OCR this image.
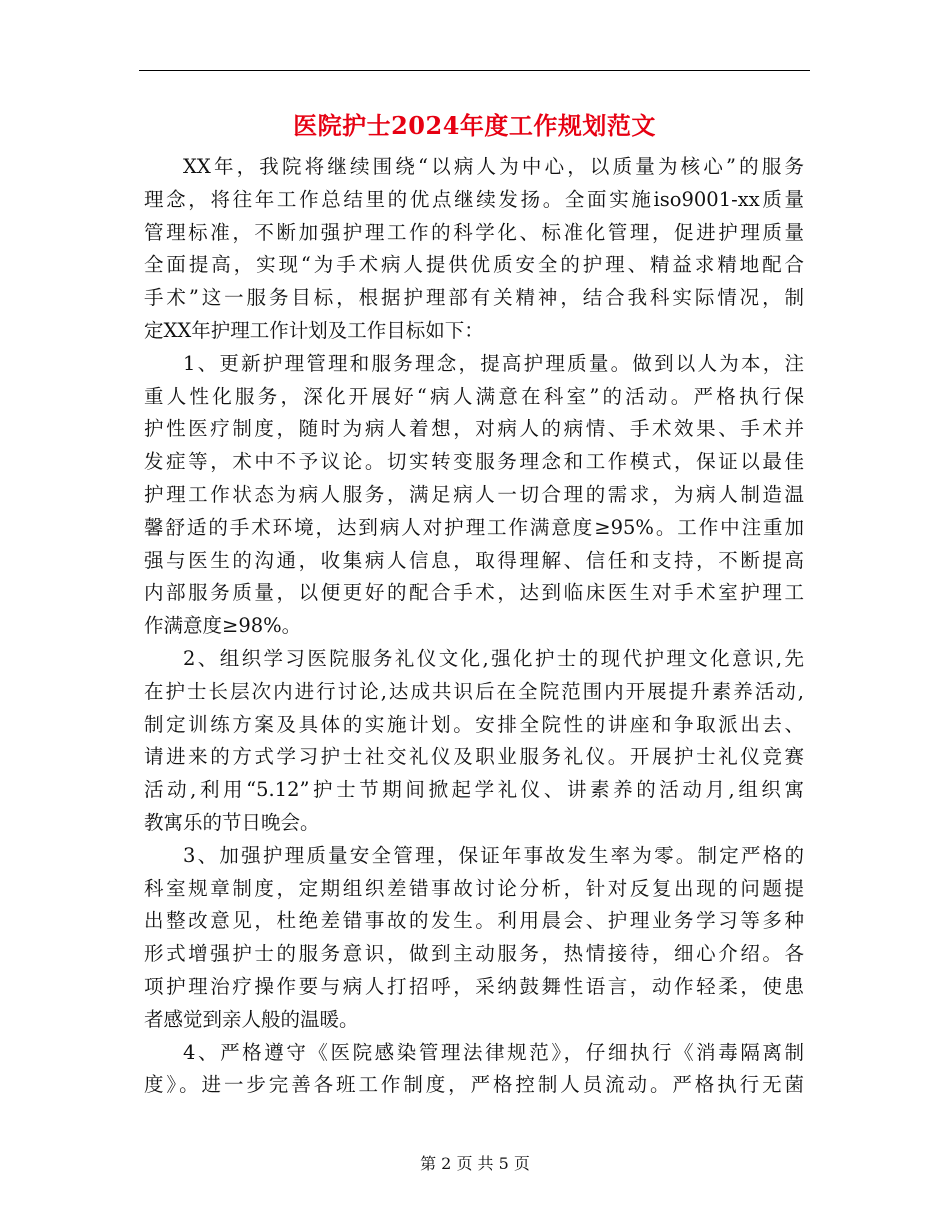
医院护士2024年度工作规划范文
XX年，我院将继续围绕“以病人为中心，以质量为核心”的服务
理念，将往年工作总结里的优点继续发扬。全面实施iso9001-xx质量
管理标准，不断加强护理工作的科学化、标准化管理，促进护理质量
全面提高，实现“为手术病人提供优质安全的护理、精益求精地配合
手术”这一服务目标，根据护理部有关精神，结合我科实际情况，制
定XX年护理工作计划及工作目标如下：
1、更新护理管理和服务理念，提高护理质量。做到以人为本，注
重人性化服务，深化开展好“病人满意在科室”的活动。严格执行保
护性医疗制度，随时为病人着想，对病人的病情、手术效果、手术并
发症等，术中不予议论。切实转变服务理念和工作模式，保证以最佳
护理工作状态为病人服务，满足病人一切合理的需求，为病人制造温
馨舒适的手术环境，达到病人对护理工作满意度≥95%。工作中注重加
强与医生的沟通，收集病人信息，取得理解、信任和支持，不断提高
内部服务质量，以便更好的配合手术，达到临床医生对手术室护理工
作满意度≥98%。
2、组织学习医院服务礼仪文化,强化护士的现代护理文化意识,先
在护士长层次内进行讨论,达成共识后在全院范围内开展提升素养活动,
制定训练方案及具体的实施计划。安排全院性的讲座和争取派出去、
请进来的方式学习护士社交礼仪及职业服务礼仪。开展护士礼仪竞赛
活动,利用“5.12”护士节期间掀起学礼仪、讲素养的活动月,组织寓
教寓乐的节日晚会。
3、加强护理质量安全管理，保证年事故发生率为零。制定严格的
科室规章制度，定期组织差错事故讨论分析，针对反复出现的问题提
出整改意见，杜绝差错事故的发生。利用晨会、护理业务学习等多种
形式增强护士的服务意识，做到主动服务，热情接待，细心介绍。各
项护理治疗操作要与病人打招呼，采纳鼓舞性语言，动作轻柔，使患
者感觉到亲人般的温暖。
4、严格遵守《医院感染管理法律规范》，仔细执行《消毒隔离制
度》。进一步完善各班工作制度，严格控制人员流动。严格执行无菌
第 2 页 共 5 页
